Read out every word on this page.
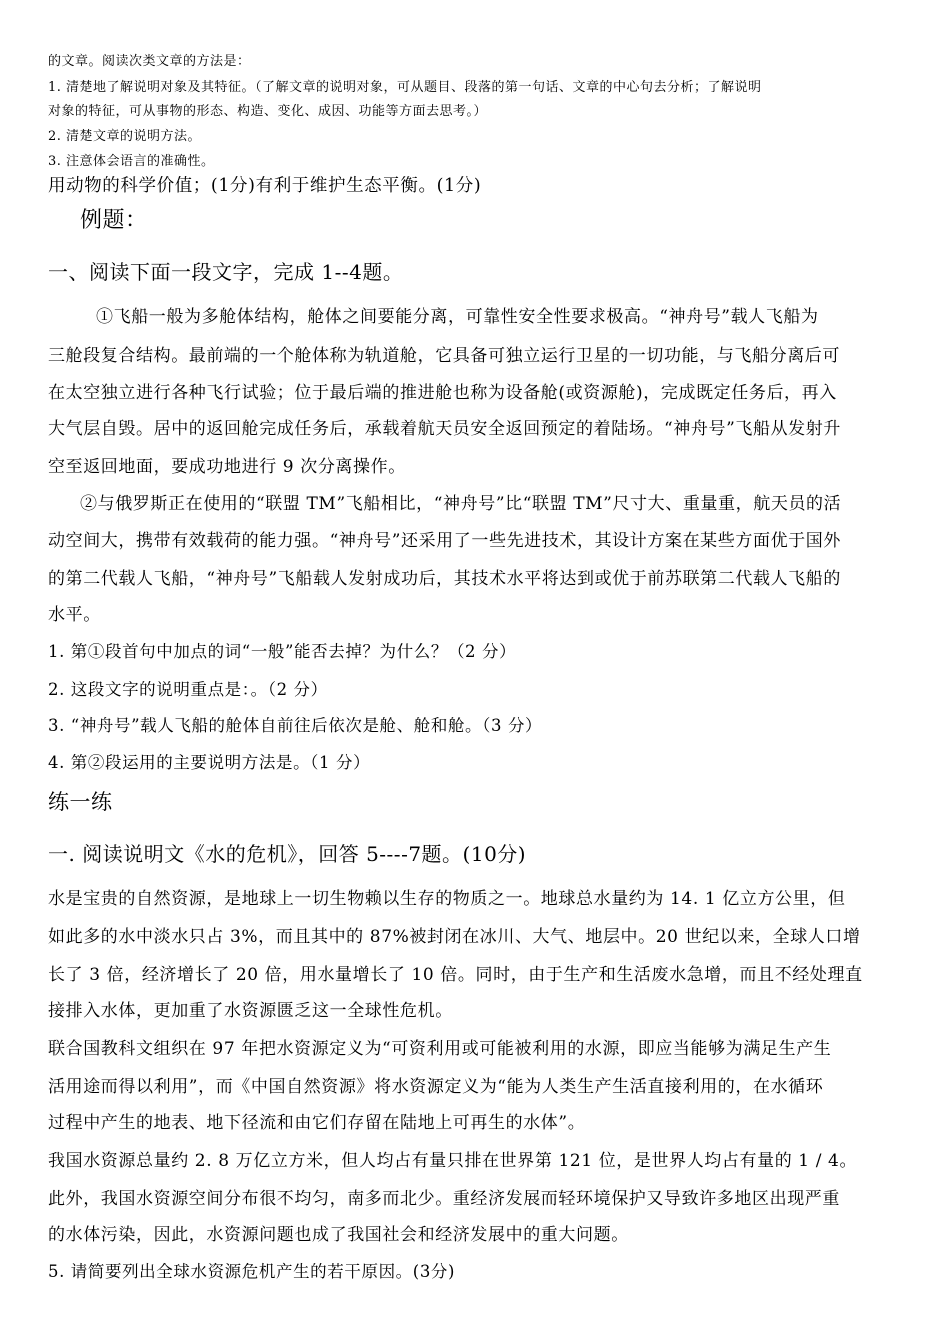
的文章。阅读次类文章的方法是：
1. 清楚地了解说明对象及其特征。（了解文章的说明对象，可从题目、段落的第一句话、文章的中心句去分析；了解说明
对象的特征，可从事物的形态、构造、变化、成因、功能等方面去思考。）
2. 清楚文章的说明方法。
3. 注意体会语言的准确性。
用动物的科学价值；(1分)有利于维护生态平衡。(1分)
例题：
一、阅读下面一段文字，完成 1--4题。
①飞船一般为多舱体结构，舱体之间要能分离，可靠性安全性要求极高。“神舟号”载人飞船为
三舱段复合结构。最前端的一个舱体称为轨道舱，它具备可独立运行卫星的一切功能，与飞船分离后可
在太空独立进行各种飞行试验；位于最后端的推进舱也称为设备舱(或资源舱)，完成既定任务后，再入
大气层自毁。居中的返回舱完成任务后，承载着航天员安全返回预定的着陆场。“神舟号”飞船从发射升
空至返回地面，要成功地进行 9 次分离操作。
②与俄罗斯正在使用的“联盟 TM”飞船相比，“神舟号”比“联盟 TM”尺寸大、重量重，航天员的活
动空间大，携带有效载荷的能力强。“神舟号”还采用了一些先进技术，其设计方案在某些方面优于国外
的第二代载人飞船，“神舟号”飞船载人发射成功后，其技术水平将达到或优于前苏联第二代载人飞船的
水平。
1. 第①段首句中加点的词“一般”能否去掉？为什么？（2 分）
2. 这段文字的说明重点是：。（2 分）
3. “神舟号”载人飞船的舱体自前往后依次是舱、舱和舱。（3 分）
4. 第②段运用的主要说明方法是。（1 分）
练一练
一. 阅读说明文《水的危机》，回答 5----7题。(10分)
水是宝贵的自然资源，是地球上一切生物赖以生存的物质之一。地球总水量约为 14. 1 亿立方公里，但
如此多的水中淡水只占 3%，而且其中的 87%被封闭在冰川、大气、地层中。20 世纪以来，全球人口增
长了 3 倍，经济增长了 20 倍，用水量增长了 10 倍。同时，由于生产和生活废水急增，而且不经处理直
接排入水体，更加重了水资源匮乏这一全球性危机。
联合国教科文组织在 97 年把水资源定义为“可资利用或可能被利用的水源，即应当能够为满足生产生
活用途而得以利用”，而《中国自然资源》将水资源定义为“能为人类生产生活直接利用的，在水循环
过程中产生的地表、地下径流和由它们存留在陆地上可再生的水体”。
我国水资源总量约 2. 8 万亿立方米，但人均占有量只排在世界第 121 位，是世界人均占有量的 1 / 4。
此外，我国水资源空间分布很不均匀，南多而北少。重经济发展而轻环境保护又导致许多地区出现严重
的水体污染，因此，水资源问题也成了我国社会和经济发展中的重大问题。
5. 请简要列出全球水资源危机产生的若干原因。(3分)
